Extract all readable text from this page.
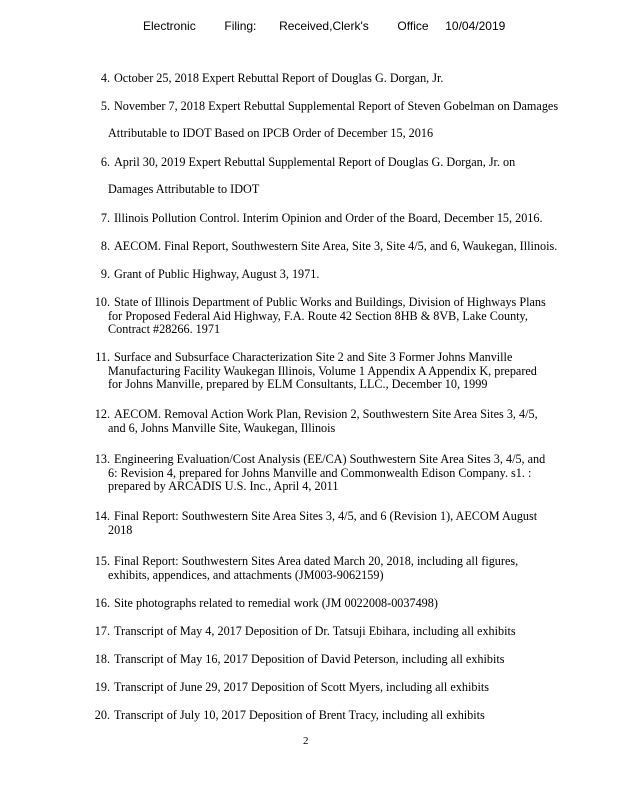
Electronic Filing: Received,Clerk's Office 10/04/2019
4. October 25, 2018 Expert Rebuttal Report of Douglas G. Dorgan, Jr.
5. November 7, 2018 Expert Rebuttal Supplemental Report of Steven Gobelman on Damages
Attributable to IDOT Based on IPCB Order of December 15, 2016
6. April 30, 2019 Expert Rebuttal Supplemental Report of Douglas G. Dorgan, Jr. on
Damages Attributable to IDOT
7. Illinois Pollution Control. Interim Opinion and Order of the Board, December 15, 2016.
8. AECOM. Final Report, Southwestern Site Area, Site 3, Site 4/5, and 6, Waukegan, Illinois.
9. Grant of Public Highway, August 3, 1971.
10. State of Illinois Department of Public Works and Buildings, Division of Highways Plans
for Proposed Federal Aid Highway, F.A. Route 42 Section 8HB & 8VB, Lake County,
Contract #28266. 1971
11. Surface and Subsurface Characterization Site 2 and Site 3 Former Johns Manville
Manufacturing Facility Waukegan Illinois, Volume 1 Appendix A Appendix K, prepared
for Johns Manville, prepared by ELM Consultants, LLC., December 10, 1999
12. AECOM. Removal Action Work Plan, Revision 2, Southwestern Site Area Sites 3, 4/5,
and 6, Johns Manville Site, Waukegan, Illinois
13. Engineering Evaluation/Cost Analysis (EE/CA) Southwestern Site Area Sites 3, 4/5, and
6: Revision 4, prepared for Johns Manville and Commonwealth Edison Company. s1. :
prepared by ARCADIS U.S. Inc., April 4, 2011
14. Final Report: Southwestern Site Area Sites 3, 4/5, and 6 (Revision 1), AECOM August
2018
15. Final Report: Southwestern Sites Area dated March 20, 2018, including all figures,
exhibits, appendices, and attachments (JM003-9062159)
16. Site photographs related to remedial work (JM 0022008-0037498)
17. Transcript of May 4, 2017 Deposition of Dr. Tatsuji Ebihara, including all exhibits
18. Transcript of May 16, 2017 Deposition of David Peterson, including all exhibits
19. Transcript of June 29, 2017 Deposition of Scott Myers, including all exhibits
20. Transcript of July 10, 2017 Deposition of Brent Tracy, including all exhibits
2
